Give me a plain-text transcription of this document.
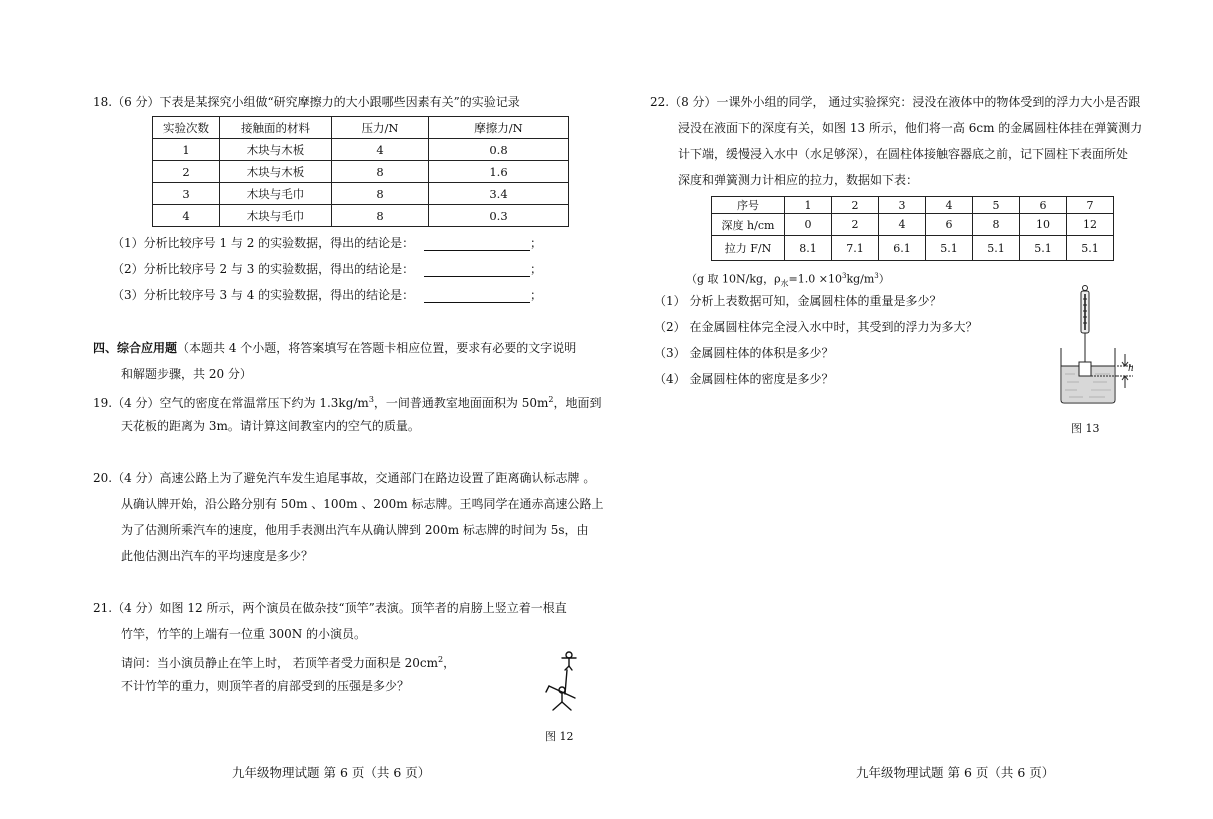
18.（6 分）下表是某探究小组做“研究摩擦力的大小跟哪些因素有关”的实验记录
实验次数	接触面的材料	压力/N	摩擦力/N
1	木块与木板	4	0.8
2	木块与木板	8	1.6
3	木块与毛巾	8	3.4
4	木块与毛巾	8	0.3
（1）分析比较序号 1 与 2 的实验数据，得出的结论是：	；
（2）分析比较序号 2 与 3 的实验数据，得出的结论是：	；
（3）分析比较序号 3 与 4 的实验数据，得出的结论是：	；
四、综合应用题（本题共 4 个小题，将答案填写在答题卡相应位置，要求有必要的文字说明
和解题步骤，共 20 分）
19.（4 分）空气的密度在常温常压下约为 $1.3kg/m^3$，一间普通教室地面面积为 $50m^2$，地面到
天花板的距离为 3m。请计算这间教室内的空气的质量。
20.（4 分）高速公路上为了避免汽车发生追尾事故，交通部门在路边设置了距离确认标志牌 。
从确认牌开始，沿公路分别有 50m 、100m 、200m 标志牌。王鸣同学在通赤高速公路上
为了估测所乘汽车的速度，他用手表测出汽车从确认牌到 200m 标志牌的时间为 5s，由
此他估测出汽车的平均速度是多少？
21.（4 分）如图 12 所示，两个演员在做杂技“顶竿”表演。顶竿者的肩膀上竖立着一根直
竹竿，竹竿的上端有一位重 300N 的小演员。
请问：当小演员静止在竿上时， 若顶竿者受力面积是 $20cm^2$，
不计竹竿的重力，则顶竿者的肩部受到的压强是多少？
图 12
九年级物理试题 第 6 页（共 6 页）
22.（8 分）一课外小组的同学， 通过实验探究：浸没在液体中的物体受到的浮力大小是否跟
浸没在液面下的深度有关，如图 13 所示，他们将一高 6cm 的金属圆柱体挂在弹簧测力
计下端，缓慢浸入水中（水足够深），在圆柱体接触容器底之前，记下圆柱下表面所处
深度和弹簧测力计相应的拉力，数据如下表：
序号	1	2	3	4	5	6	7
深度 h/cm	0	2	4	6	8	10	12
拉力 F/N	8.1	7.1	6.1	5.1	5.1	5.1	5.1
（g 取 10N/kg，$\rho_水=1.0 \times 10^3kg/m^3$）
（1） 分析上表数据可知，金属圆柱体的重量是多少？
（2） 在金属圆柱体完全浸入水中时，其受到的浮力为多大？
（3） 金属圆柱体的体积是多少？
（4） 金属圆柱体的密度是多少？
h
图 13
九年级物理试题 第 6 页（共 6 页）
